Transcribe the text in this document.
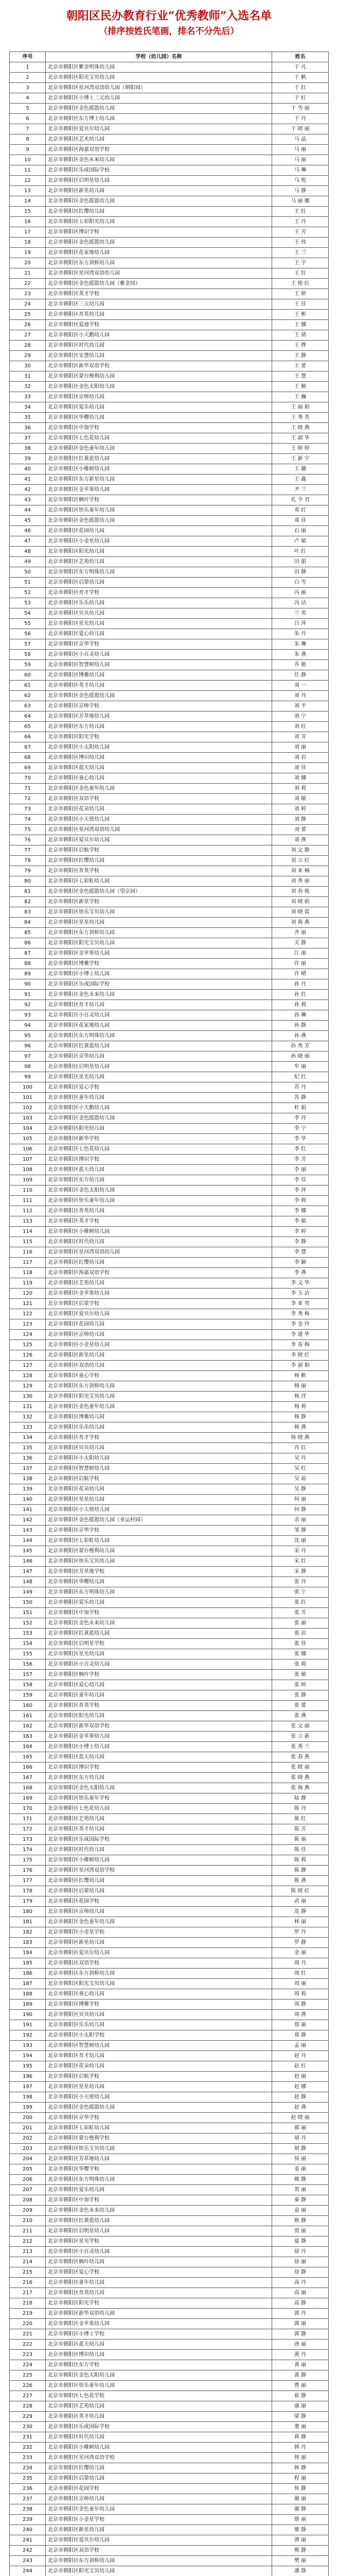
朝阳区民办教育行业“优秀教师”入选名单
（排序按姓氏笔画，排名不分先后）
序号	学校（幼儿园）名称	姓名
1	北京市朝阳区紫金明珠幼儿园	于 凡
2	北京市朝阳区阳光宝贝幼儿园	于 帆
3	北京市朝阳区星河湾双语幼儿园（朝阳园）	于 红
4	北京市朝阳区小博士二元幼儿园	于 红
5	北京市朝阳区金色摇篮幼儿园	于 雪 丽
6	北京市朝阳区东方博士幼儿园	于 丹
7	北京市朝阳区爱贝尔幼儿园	于 晓 丽
8	北京市朝阳区艺术幼儿园	马 晶
9	北京市朝阳区海嘉双语学校	马 丽
10	北京市朝阳区金色未来幼儿园	马 丽
11	北京市朝阳区乐成国际学校	马 琳
12	北京市朝阳区启明星幼儿园	马 悦
13	北京市朝阳区新星幼儿园	马 静
14	北京市朝阳区金色摇篮幼儿园	马 丽 娜
15	北京市朝阳区红缨幼儿园	王 红
16	北京市朝阳区七彩阳光幼儿园	王 丹
17	北京市朝阳区博识学校	王 芳
18	北京市朝阳区金色摇篮幼儿园	王 伟
19	北京市朝阳区花家地幼儿园	王 兰
20	北京市朝阳区东方剑桥幼儿园	王 宇
21	北京市朝阳区星河湾双语幼儿园	王 红
22	北京市朝阳区金色摇篮幼儿园（紫金园）	王 艳 红
23	北京市朝阳区英才学校	王 妍
24	北京市朝阳区三元幼儿园	王 佳
25	北京市朝阳区育英幼儿园	王 彬
26	北京市朝阳区爱迪学校	王 娜
27	北京市朝阳区小天鹅幼儿园	王 倩
28	北京市朝阳区时代幼儿园	王 烨
29	北京市朝阳区安慧幼儿园	王 静
30	北京市朝阳区新华双语学校	王 蕾
31	北京市朝阳区蒙台梭利幼儿园	王 慧
32	北京市朝阳区金色太阳幼儿园	王 颖
33	北京市朝阳区京师幼儿园	王 巍
34	北京市朝阳区爱乐幼儿园	王 丽 娟
35	北京市朝阳区华樱幼儿园	王 秀 英
36	北京市朝阳区中加学校	王 晓 燕
37	北京市朝阳区七色花幼儿园	王 淑 华
38	北京市朝阳区金色童年幼儿园	王 婷 婷
39	北京市朝阳区红黄蓝幼儿园	王 新 宇
40	北京市朝阳区小橡树幼儿园	王 璐
41	北京市朝阳区东方新星幼儿园	王 鑫
42	北京市朝阳区金苹果幼儿园	尹 兰
43	北京市朝阳区枫叶学校	孔 令 君
44	北京市朝阳区快乐童年幼儿园	邓 红
45	北京市朝阳区金色摇篮幼儿园	邓 佳
46	北京市朝阳区花园幼儿园	石 丽
47	北京市朝阳区小金星幼儿园	卢 敏
48	北京市朝阳区阳光幼儿园	叶 红
49	北京市朝阳区艺苑幼儿园	田 甜
50	北京市朝阳区东方明珠幼儿园	田 静
51	北京市朝阳区启蒙幼儿园	白 雪
52	北京市朝阳区育才学校	冯 丽
53	北京市朝阳区乐乐幼儿园	冯 洁
54	北京市朝阳区贝贝幼儿园	兰 英
55	北京市朝阳区星光幼儿园	吕 萍
56	北京市朝阳区爱心幼儿园	朱 丹
57	北京市朝阳区京华学校	朱 琳
58	北京市朝阳区小百灵幼儿园	朱 燕
59	北京市朝阳区智慧树幼儿园	乔 艳
60	北京市朝阳区博雅幼儿园	任 静
61	北京市朝阳区英才幼儿园	刘 一
62	北京市朝阳区金色摇篮幼儿园	刘 丹
63	北京市朝阳区京师学校	刘 平
64	北京市朝阳区芳草地幼儿园	刘 宁
65	北京市朝阳区东方幼儿园	刘 红
66	北京市朝阳区阳光学校	刘 芳
67	北京市朝阳区小太阳幼儿园	刘 丽
68	北京市朝阳区博识幼儿园	刘 岩
69	北京市朝阳区蓝天幼儿园	刘 佳
70	北京市朝阳区童心幼儿园	刘 娜
71	北京市朝阳区金色童年幼儿园	刘 莉
72	北京市朝阳区双语学校	刘 敏
73	北京市朝阳区花朵幼儿园	刘 婷
74	北京市朝阳区小天使幼儿园	刘 静
75	北京市朝阳区星河湾双语幼儿园	刘 蕾
76	北京市朝阳区爱贝尔幼儿园	刘 燕
77	北京市朝阳区启航学校	刘 文 静
78	北京市朝阳区红缨幼儿园	刘 立 红
79	北京市朝阳区育英学校	刘 亚 楠
80	北京市朝阳区七彩虹幼儿园	刘 秀 丽
81	北京市朝阳区金色摇篮幼儿园（望京园）	刘 春 艳
82	北京市朝阳区新星学校	刘 晓 娟
83	北京市朝阳区快乐宝贝幼儿园	刘 晓 霞
84	北京市朝阳区星星幼儿园	刘 海 燕
85	北京市朝阳区东方剑桥幼儿园	齐 丽
86	北京市朝阳区阳光宝贝幼儿园	关 静
87	北京市朝阳区金苹果幼儿园	江 丽
88	北京市朝阳区博雅学校	许 丽
89	北京市朝阳区小博士幼儿园	许 晴
90	北京市朝阳区乐成国际学校	孙 丹
91	北京市朝阳区金色未来幼儿园	孙 红
92	北京市朝阳区育才幼儿园	孙 莉
93	北京市朝阳区小百灵幼儿园	孙 琳
94	北京市朝阳区花家地幼儿园	孙 静
95	北京市朝阳区东方明珠幼儿园	孙 燕
96	北京市朝阳区红黄蓝幼儿园	孙 秀 芳
97	北京市朝阳区京华幼儿园	孙 晓 丽
98	北京市朝阳区启明星幼儿园	牟 丽
99	北京市朝阳区星光幼儿园	纪 红
100	北京市朝阳区爱心学校	苏 丹
101	北京市朝阳区童年幼儿园	苏 静
102	北京市朝阳区小天鹅幼儿园	杜 娟
103	北京市朝阳区金色摇篮幼儿园	李 丹
104	北京市朝阳区阳光幼儿园	李 宁
105	北京市朝阳区新华学校	李 华
106	北京市朝阳区七色花幼儿园	李 红
107	北京市朝阳区博识学校	李 芳
108	北京市朝阳区蓝天幼儿园	李 丽
109	北京市朝阳区东方幼儿园	李 佳
110	北京市朝阳区金色太阳幼儿园	李 萍
111	北京市朝阳区快乐童年幼儿园	李 莉
112	北京市朝阳区育英幼儿园	李 娜
113	北京市朝阳区英才学校	李 敏
114	北京市朝阳区小橡树幼儿园	李 婷
115	北京市朝阳区时代幼儿园	李 静
116	北京市朝阳区星河湾双语幼儿园	李 慧
117	北京市朝阳区红缨幼儿园	李 颖
118	北京市朝阳区海嘉双语学校	李 燕
119	北京市朝阳区艺苑幼儿园	李 文 华
120	北京市朝阳区金苹果幼儿园	李 玉 洁
121	北京市朝阳区启蒙学校	李 亚 男
122	北京市朝阳区爱贝尔幼儿园	李 秀 梅
123	北京市朝阳区花园幼儿园	李 金 玲
124	北京市朝阳区京师幼儿园	李 建 华
125	北京市朝阳区小金星幼儿园	李 春 梅
126	北京市朝阳区新星幼儿园	李 晓 红
127	北京市朝阳区双语幼儿园	李 淑 娟
128	北京市朝阳区童心学校	杨 帆
129	北京市朝阳区东方剑桥幼儿园	杨 丽
130	北京市朝阳区阳光宝贝幼儿园	杨 洋
131	北京市朝阳区金色童年幼儿园	杨 莉
132	北京市朝阳区博雅幼儿园	杨 静
133	北京市朝阳区乐乐幼儿园	杨 燕
134	北京市朝阳区育才学校	杨 晓 燕
135	北京市朝阳区贝贝幼儿园	肖 红
136	北京市朝阳区小太阳幼儿园	吴 丹
137	北京市朝阳区智慧树幼儿园	吴 红
138	北京市朝阳区启航学校	吴 琼
139	北京市朝阳区花朵幼儿园	吴 静
140	北京市朝阳区星星幼儿园	何 丽
141	北京市朝阳区小天使幼儿园	何 静
142	北京市朝阳区金色摇篮幼儿园（亚运村园）	余 丽
143	北京市朝阳区京华学校	邹 静
144	北京市朝阳区七彩虹幼儿园	沈 丽
145	北京市朝阳区蒙台梭利幼儿园	宋 丹
146	北京市朝阳区快乐宝贝幼儿园	宋 红
147	北京市朝阳区芳草地学校	宋 静
148	北京市朝阳区华樱幼儿园	张 丹
149	北京市朝阳区东方明珠幼儿园	张 宁
150	北京市朝阳区爱乐幼儿园	张 红
151	北京市朝阳区中加学校	张 芳
152	北京市朝阳区金色未来幼儿园	张 丽
153	北京市朝阳区红黄蓝幼儿园	张 岩
154	北京市朝阳区启明星学校	张 佳
155	北京市朝阳区星光幼儿园	张 娜
156	北京市朝阳区小百灵幼儿园	张 莉
157	北京市朝阳区枫叶学校	张 敏
158	北京市朝阳区爱心幼儿园	张 婷
159	北京市朝阳区童年幼儿园	张 静
160	北京市朝阳区育英学校	张 蕾
161	北京市朝阳区阳光幼儿园	张 燕
162	北京市朝阳区新华双语学校	张 文 丽
163	北京市朝阳区金苹果幼儿园	张 立 新
164	北京市朝阳区小博士幼儿园	张 秀 兰
165	北京市朝阳区蓝天幼儿园	张 春 燕
166	北京市朝阳区博识学校	张 晓 丽
167	北京市朝阳区东方幼儿园	张 晓 燕
168	北京市朝阳区金色太阳幼儿园	张 海 燕
169	北京市朝阳区快乐童年学校	陆 静
170	北京市朝阳区七色花幼儿园	陈 丹
171	北京市朝阳区艺苑幼儿园	陈 红
172	北京市朝阳区英才幼儿园	陈 芳
173	北京市朝阳区乐成国际学校	陈 丽
174	北京市朝阳区时代幼儿园	陈 佳
175	北京市朝阳区小橡树幼儿园	陈 莉
176	北京市朝阳区星河湾双语学校	陈 静
177	北京市朝阳区红缨幼儿园	陈 燕
178	北京市朝阳区启蒙幼儿园	陈 晓 红
179	北京市朝阳区花园学校	武 丽
180	北京市朝阳区京师幼儿园	范 静
181	北京市朝阳区金色童年幼儿园	林 丽
182	北京市朝阳区小金星学校	罗 丹
183	北京市朝阳区新星幼儿园	罗 静
184	北京市朝阳区爱贝尔幼儿园	金 丽
185	北京市朝阳区双语学校	周 丹
186	北京市朝阳区东方剑桥幼儿园	周 红
187	北京市朝阳区阳光宝贝幼儿园	周 丽
188	北京市朝阳区童心幼儿园	周 莉
189	北京市朝阳区博雅学校	周 静
190	北京市朝阳区贝贝幼儿园	周 燕
191	北京市朝阳区乐乐幼儿园	郑 丽
192	北京市朝阳区小太阳学校	郑 静
193	北京市朝阳区智慧树幼儿园	孟 丽
194	北京市朝阳区育才幼儿园	赵 丹
195	北京市朝阳区花朵幼儿园	赵 红
196	北京市朝阳区启航学校	赵 丽
197	北京市朝阳区星星幼儿园	赵 娜
198	北京市朝阳区小天使幼儿园	赵 静
199	北京市朝阳区金色摇篮幼儿园	赵 燕
200	北京市朝阳区京华学校	赵 晓 丽
201	北京市朝阳区七彩虹幼儿园	郝 丽
202	北京市朝阳区蒙台梭利学校	胡 丹
203	北京市朝阳区快乐宝贝幼儿园	胡 静
204	北京市朝阳区芳草地幼儿园	侯 丽
205	北京市朝阳区华樱学校	姜 丽
206	北京市朝阳区东方明珠幼儿园	姚 静
207	北京市朝阳区爱乐幼儿园	贺 丽
208	北京市朝阳区中加学校	秦 静
209	北京市朝阳区金色未来幼儿园	袁 丽
210	北京市朝阳区红黄蓝幼儿园	耿 静
211	北京市朝阳区启明星幼儿园	贾 丽
212	北京市朝阳区星光学校	夏 静
213	北京市朝阳区小百灵幼儿园	徐 丹
214	北京市朝阳区枫叶幼儿园	徐 丽
215	北京市朝阳区爱心学校	徐 静
216	北京市朝阳区童年幼儿园	高 丹
217	北京市朝阳区育英幼儿园	高 丽
218	北京市朝阳区阳光学校	高 静
219	北京市朝阳区新华双语幼儿园	郭 丹
220	北京市朝阳区金苹果幼儿园	郭 丽
221	北京市朝阳区小博士学校	郭 静
222	北京市朝阳区蓝天幼儿园	唐 丽
223	北京市朝阳区博识幼儿园	黄 丹
224	北京市朝阳区东方学校	黄 丽
225	北京市朝阳区金色太阳幼儿园	黄 静
226	北京市朝阳区快乐童年幼儿园	曹 丽
227	北京市朝阳区七色花学校	崔 静
228	北京市朝阳区艺苑幼儿园	康 丽
229	北京市朝阳区英才幼儿园	梁 静
230	北京市朝阳区乐成国际学校	董 丽
231	北京市朝阳区时代幼儿园	蒋 静
232	北京市朝阳区小橡树幼儿园	韩 丹
233	北京市朝阳区星河湾双语学校	韩 丽
234	北京市朝阳区红缨幼儿园	韩 静
235	北京市朝阳区启蒙幼儿园	程 丽
236	北京市朝阳区花园学校	焦 静
237	北京市朝阳区京师幼儿园	谢 丽
238	北京市朝阳区金色童年幼儿园	谢 静
239	北京市朝阳区小金星学校	蔡 丽
240	北京市朝阳区新星幼儿园	廖 静
241	北京市朝阳区爱贝尔幼儿园	谭 丽
242	北京市朝阳区双语学校	熊 静
243	北京市朝阳区东方剑桥幼儿园	樊 丽
244	北京市朝阳区阳光宝贝幼儿园	潘 静
